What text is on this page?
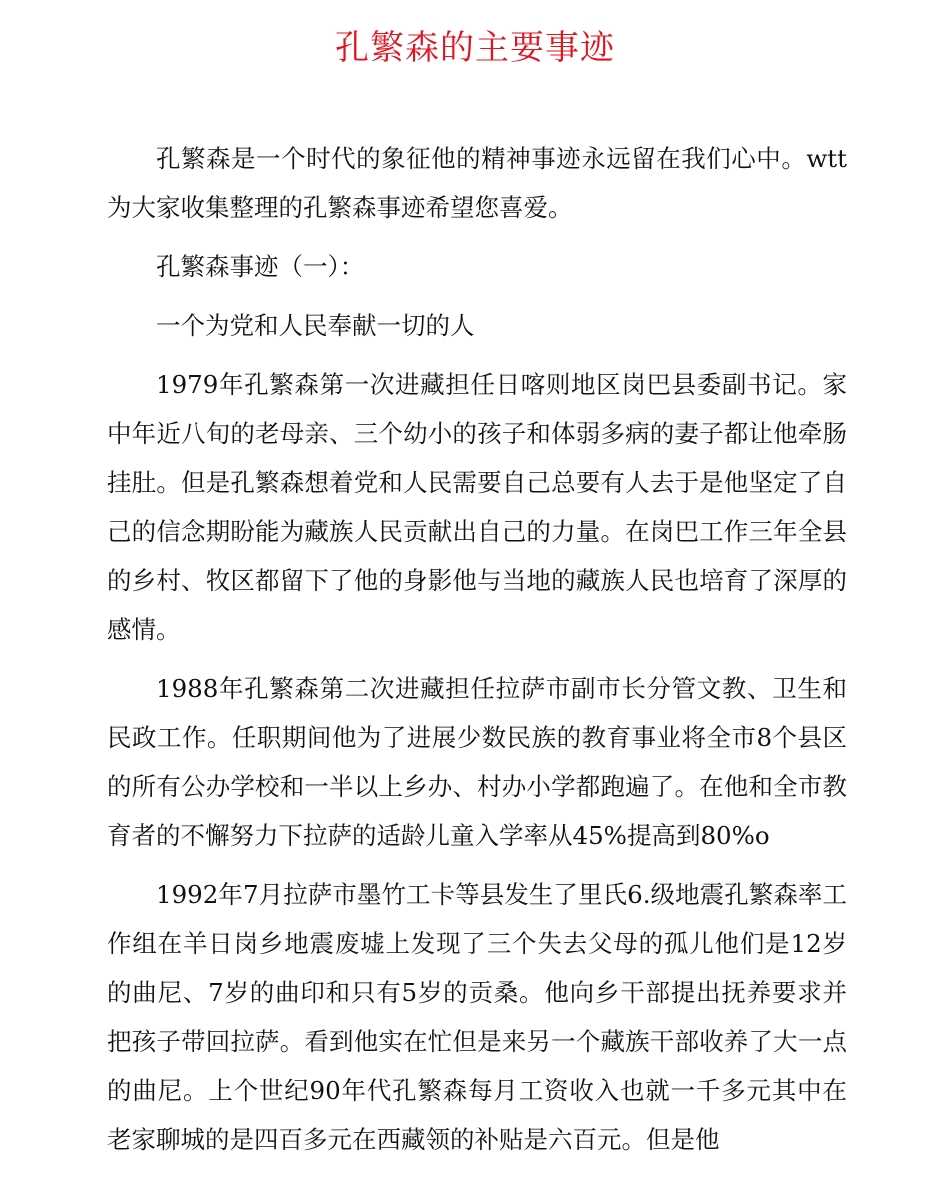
孔繁森的主要事迹

孔繁森是一个时代的象征他的精神事迹永远留在我们心中。wtt为大家收集整理的孔繁森事迹希望您喜爱。

孔繁森事迹（一）：

一个为党和人民奉献一切的人

1979年孔繁森第一次进藏担任日喀则地区岗巴县委副书记。家中年近八旬的老母亲、三个幼小的孩子和体弱多病的妻子都让他牵肠挂肚。但是孔繁森想着党和人民需要自己总要有人去于是他坚定了自己的信念期盼能为藏族人民贡献出自己的力量。在岗巴工作三年全县的乡村、牧区都留下了他的身影他与当地的藏族人民也培育了深厚的感情。

1988年孔繁森第二次进藏担任拉萨市副市长分管文教、卫生和民政工作。任职期间他为了进展少数民族的教育事业将全市8个县区的所有公办学校和一半以上乡办、村办小学都跑遍了。在他和全市教育者的不懈努力下拉萨的适龄儿童入学率从45%提高到80%o

1992年7月拉萨市墨竹工卡等县发生了里氏6.级地震孔繁森率工作组在羊日岗乡地震废墟上发现了三个失去父母的孤儿他们是12岁的曲尼、7岁的曲印和只有5岁的贡桑。他向乡干部提出抚养要求并把孩子带回拉萨。看到他实在忙但是来另一个藏族干部收养了大一点的曲尼。上个世纪90年代孔繁森每月工资收入也就一千多元其中在老家聊城的是四百多元在西藏领的补贴是六百元。但是他
